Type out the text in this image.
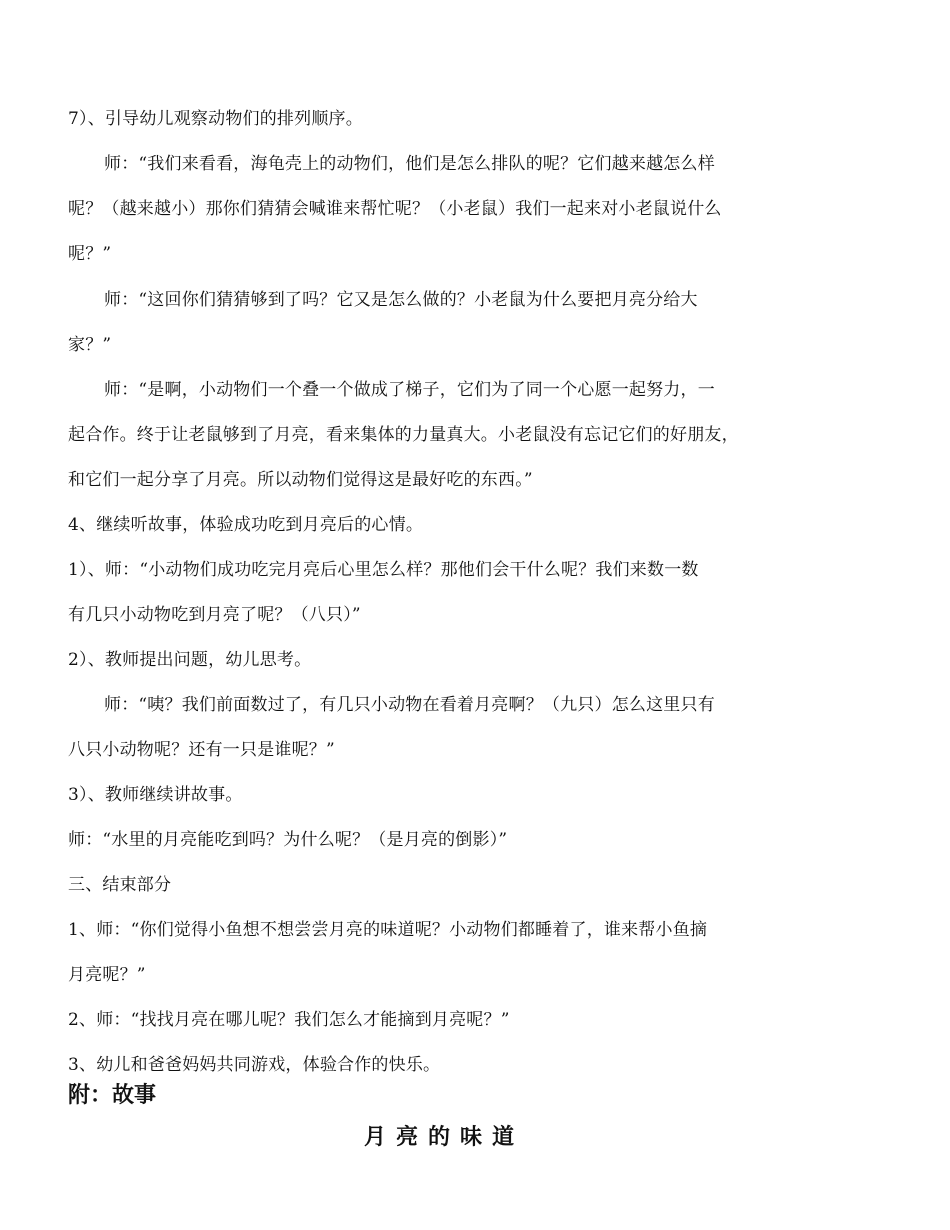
7）、引导幼儿观察动物们的排列顺序。
师：“我们来看看，海龟壳上的动物们，他们是怎么排队的呢？它们越来越怎么样
呢？（越来越小）那你们猜猜会喊谁来帮忙呢？（小老鼠）我们一起来对小老鼠说什么
呢？”
师：“这回你们猜猜够到了吗？它又是怎么做的？小老鼠为什么要把月亮分给大
家？”
师：“是啊，小动物们一个叠一个做成了梯子，它们为了同一个心愿一起努力，一
起合作。终于让老鼠够到了月亮，看来集体的力量真大。小老鼠没有忘记它们的好朋友，
和它们一起分享了月亮。所以动物们觉得这是最好吃的东西。”
4、继续听故事，体验成功吃到月亮后的心情。
1）、师：“小动物们成功吃完月亮后心里怎么样？那他们会干什么呢？我们来数一数
有几只小动物吃到月亮了呢？（八只）”
2）、教师提出问题，幼儿思考。
师：“咦？我们前面数过了，有几只小动物在看着月亮啊？（九只）怎么这里只有
八只小动物呢？还有一只是谁呢？”
3）、教师继续讲故事。
师：“水里的月亮能吃到吗？为什么呢？（是月亮的倒影）”
三、结束部分
1、师：“你们觉得小鱼想不想尝尝月亮的味道呢？小动物们都睡着了，谁来帮小鱼摘
月亮呢？”
2、师：“找找月亮在哪儿呢？我们怎么才能摘到月亮呢？”
3、幼儿和爸爸妈妈共同游戏，体验合作的快乐。
附：故事
月亮的味道
